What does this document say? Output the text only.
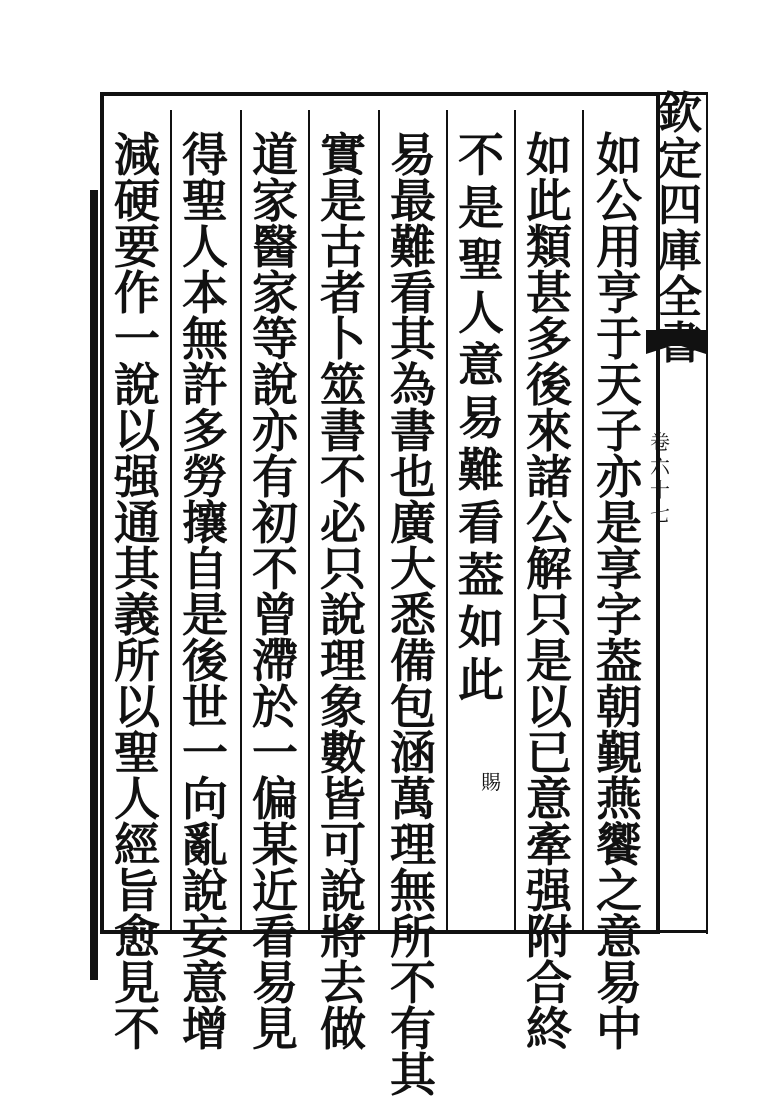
欽
定
四
庫
全
卷
六
十
七
如
公
用
亨
于
天
子
亦
是
享
字
葢
朝
覲
燕
饗
之
意
易
中
如
此
類
甚
多
後
來
諸
公
解
只
是
以
已
意
牽
强
附
合
終
不
是
聖
人
意
易
難
看
葢
如
此
賜
易
最
難
看
其
為
書
也
廣
大
悉
備
包
涵
萬
理
無
所
不
有
其
實
是
古
者
卜
筮
書
不
必
只
說
理
象
數
皆
可
說
將
去
做
道
家
醫
家
等
說
亦
有
初
不
曾
滯
於
一
偏
某
近
看
易
見
得
聖
人
本
無
許
多
勞
攘
自
是
後
世
一
向
亂
說
妄
意
增
減
硬
要
作
一
說
以
强
通
其
義
所
以
聖
人
經
旨
愈
見
不
